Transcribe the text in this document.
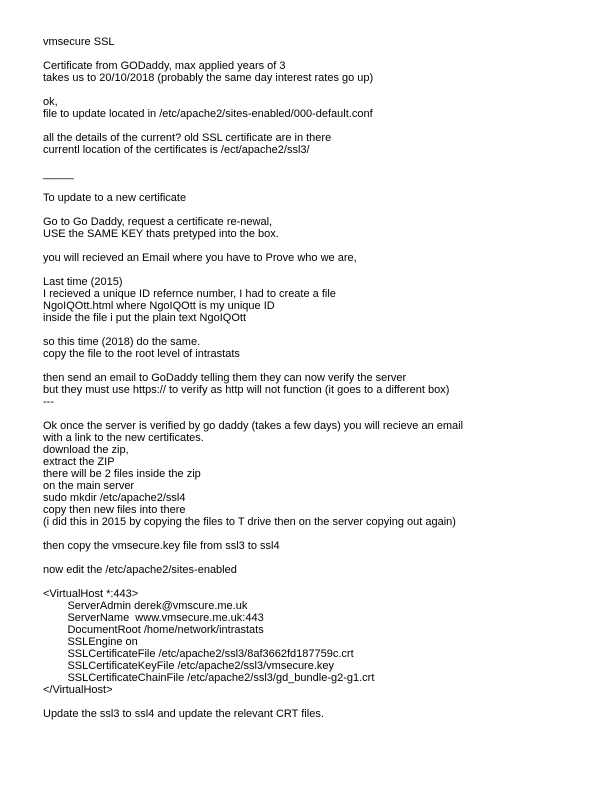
vmsecure SSL
Certificate from GODaddy, max applied years of 3
takes us to 20/10/2018 (probably the same day interest rates go up)
ok,
file to update located in /etc/apache2/sites-enabled/000-default.conf
all the details of the current? old SSL certificate are in there
currentl location of the certificates is /ect/apache2/ssl3/
_____
To update to a new certificate
Go to Go Daddy, request a certificate re-newal,
USE the SAME KEY thats pretyped into the box.
you will recieved an Email where you have to Prove who we are,
Last time (2015)
I recieved a unique ID refernce number, I had to create a file
NgoIQOtt.html where NgoIQOtt is my unique ID
inside the file i put the plain text NgoIQOtt
so this time (2018) do the same.
copy the file to the root level of intrastats
then send an email to GoDaddy telling them they can now verify the server
but they must use https:// to verify as http will not function (it goes to a different box)
---
Ok once the server is verified by go daddy (takes a few days) you will recieve an email
with a link to the new certificates.
download the zip,
extract the ZIP
there will be 2 files inside the zip
on the main server
sudo mkdir /etc/apache2/ssl4
copy then new files into there
(i did this in 2015 by copying the files to T drive then on the server copying out again)
then copy the vmsecure.key file from ssl3 to ssl4
now edit the /etc/apache2/sites-enabled
<VirtualHost *:443>
ServerAdmin derek@vmscure.me.uk
ServerName  www.vmsecure.me.uk:443
DocumentRoot /home/network/intrastats
SSLEngine on
SSLCertificateFile /etc/apache2/ssl3/8af3662fd187759c.crt
SSLCertificateKeyFile /etc/apache2/ssl3/vmsecure.key
SSLCertificateChainFile /etc/apache2/ssl3/gd_bundle-g2-g1.crt
</VirtualHost>
Update the ssl3 to ssl4 and update the relevant CRT files.
